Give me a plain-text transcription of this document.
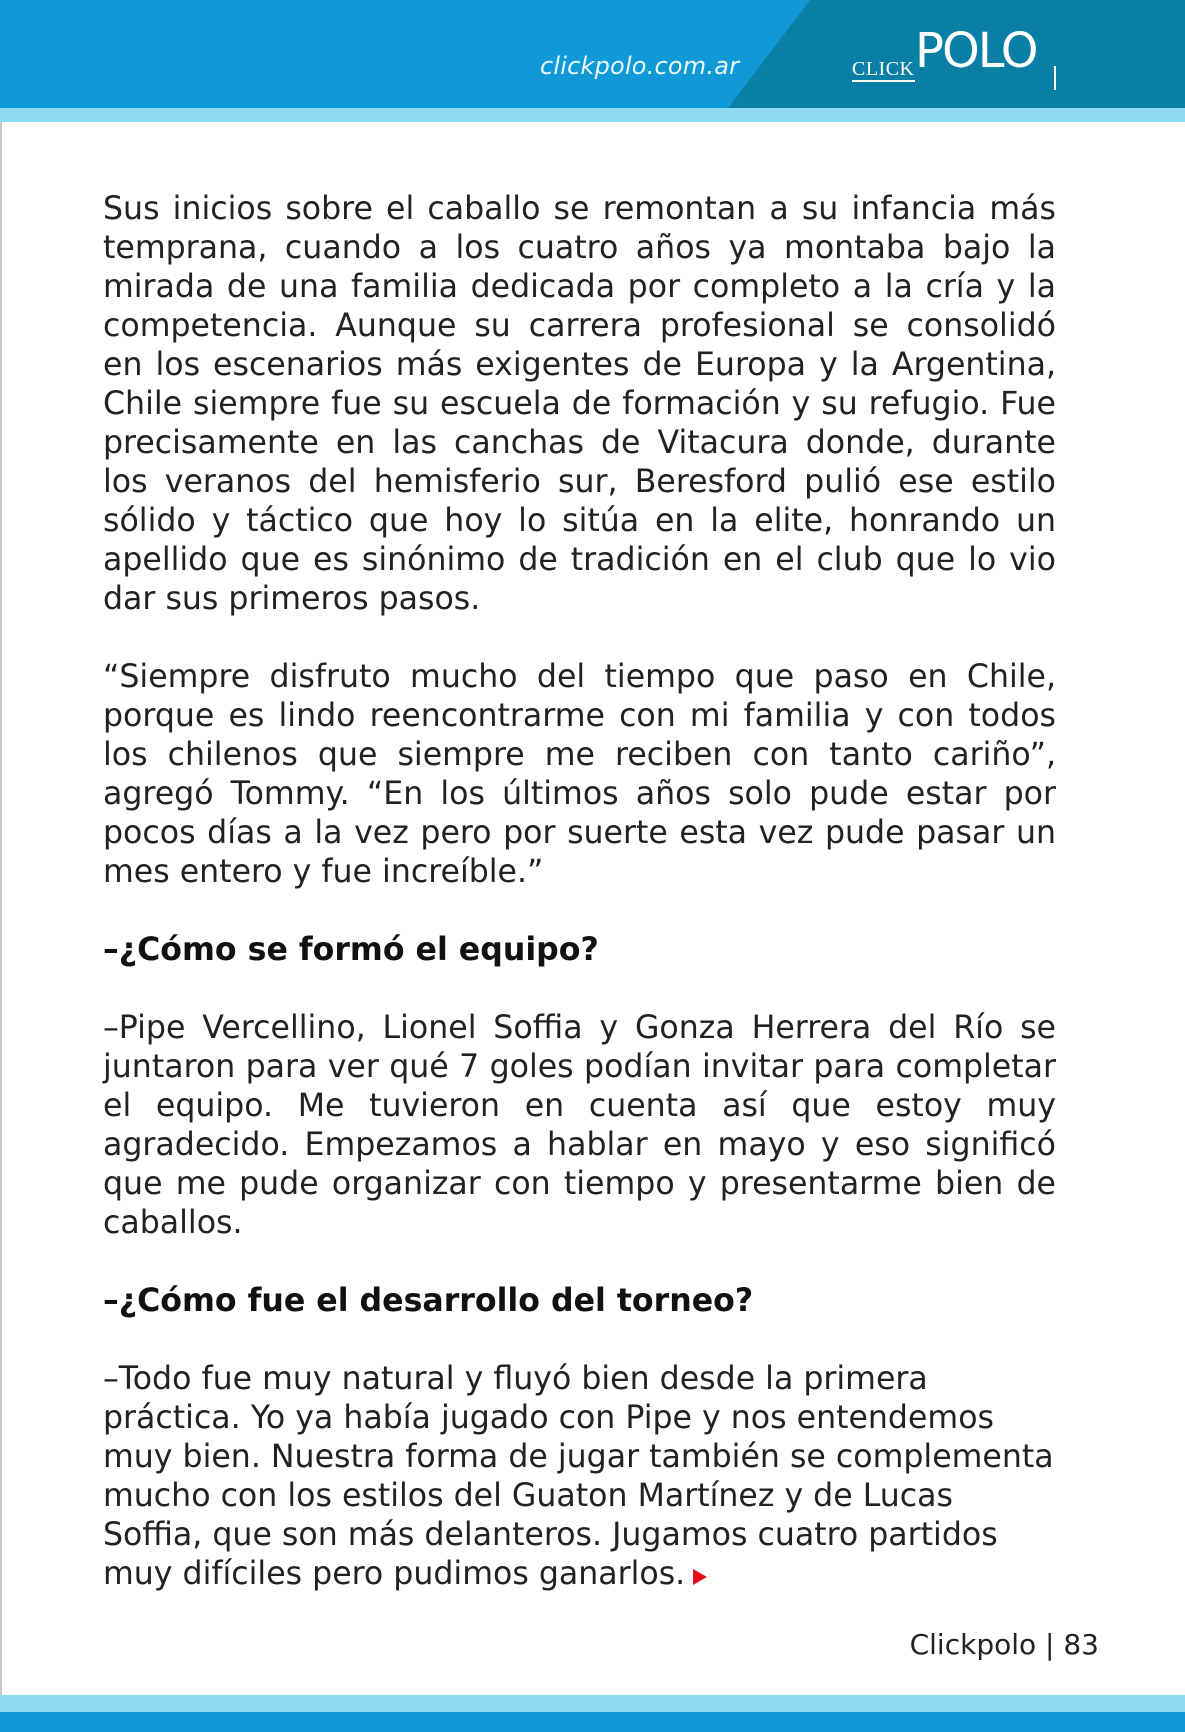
clickpolo.com.ar	CLICK POLO

Sus inicios sobre el caballo se remontan a su infancia más temprana, cuando a los cuatro años ya montaba bajo la mirada de una familia dedicada por completo a la cría y la competencia. Aunque su carrera profesional se consolidó en los escenarios más exigentes de Europa y la Argentina, Chile siempre fue su escuela de formación y su refugio. Fue precisamente en las canchas de Vitacura donde, durante los veranos del hemisferio sur, Beresford pulió ese estilo sólido y táctico que hoy lo sitúa en la elite, honrando un apellido que es sinónimo de tradición en el club que lo vio dar sus primeros pasos.

“Siempre disfruto mucho del tiempo que paso en Chile, porque es lindo reencontrarme con mi familia y con todos los chilenos que siempre me reciben con tanto cariño”, agregó Tommy. “En los últimos años solo pude estar por pocos días a la vez pero por suerte esta vez pude pasar un mes entero y fue increíble.”

–¿Cómo se formó el equipo?

–Pipe Vercellino, Lionel Soffia y Gonza Herrera del Río se juntaron para ver qué 7 goles podían invitar para completar el equipo. Me tuvieron en cuenta así que estoy muy agradecido. Empezamos a hablar en mayo y eso significó que me pude organizar con tiempo y presentarme bien de caballos.

–¿Cómo fue el desarrollo del torneo?

–Todo fue muy natural y fluyó bien desde la primera práctica. Yo ya había jugado con Pipe y nos entendemos muy bien. Nuestra forma de jugar también se complementa mucho con los estilos del Guaton Martínez y de Lucas Soffia, que son más delanteros. Jugamos cuatro partidos muy difíciles pero pudimos ganarlos.

Clickpolo | 83
